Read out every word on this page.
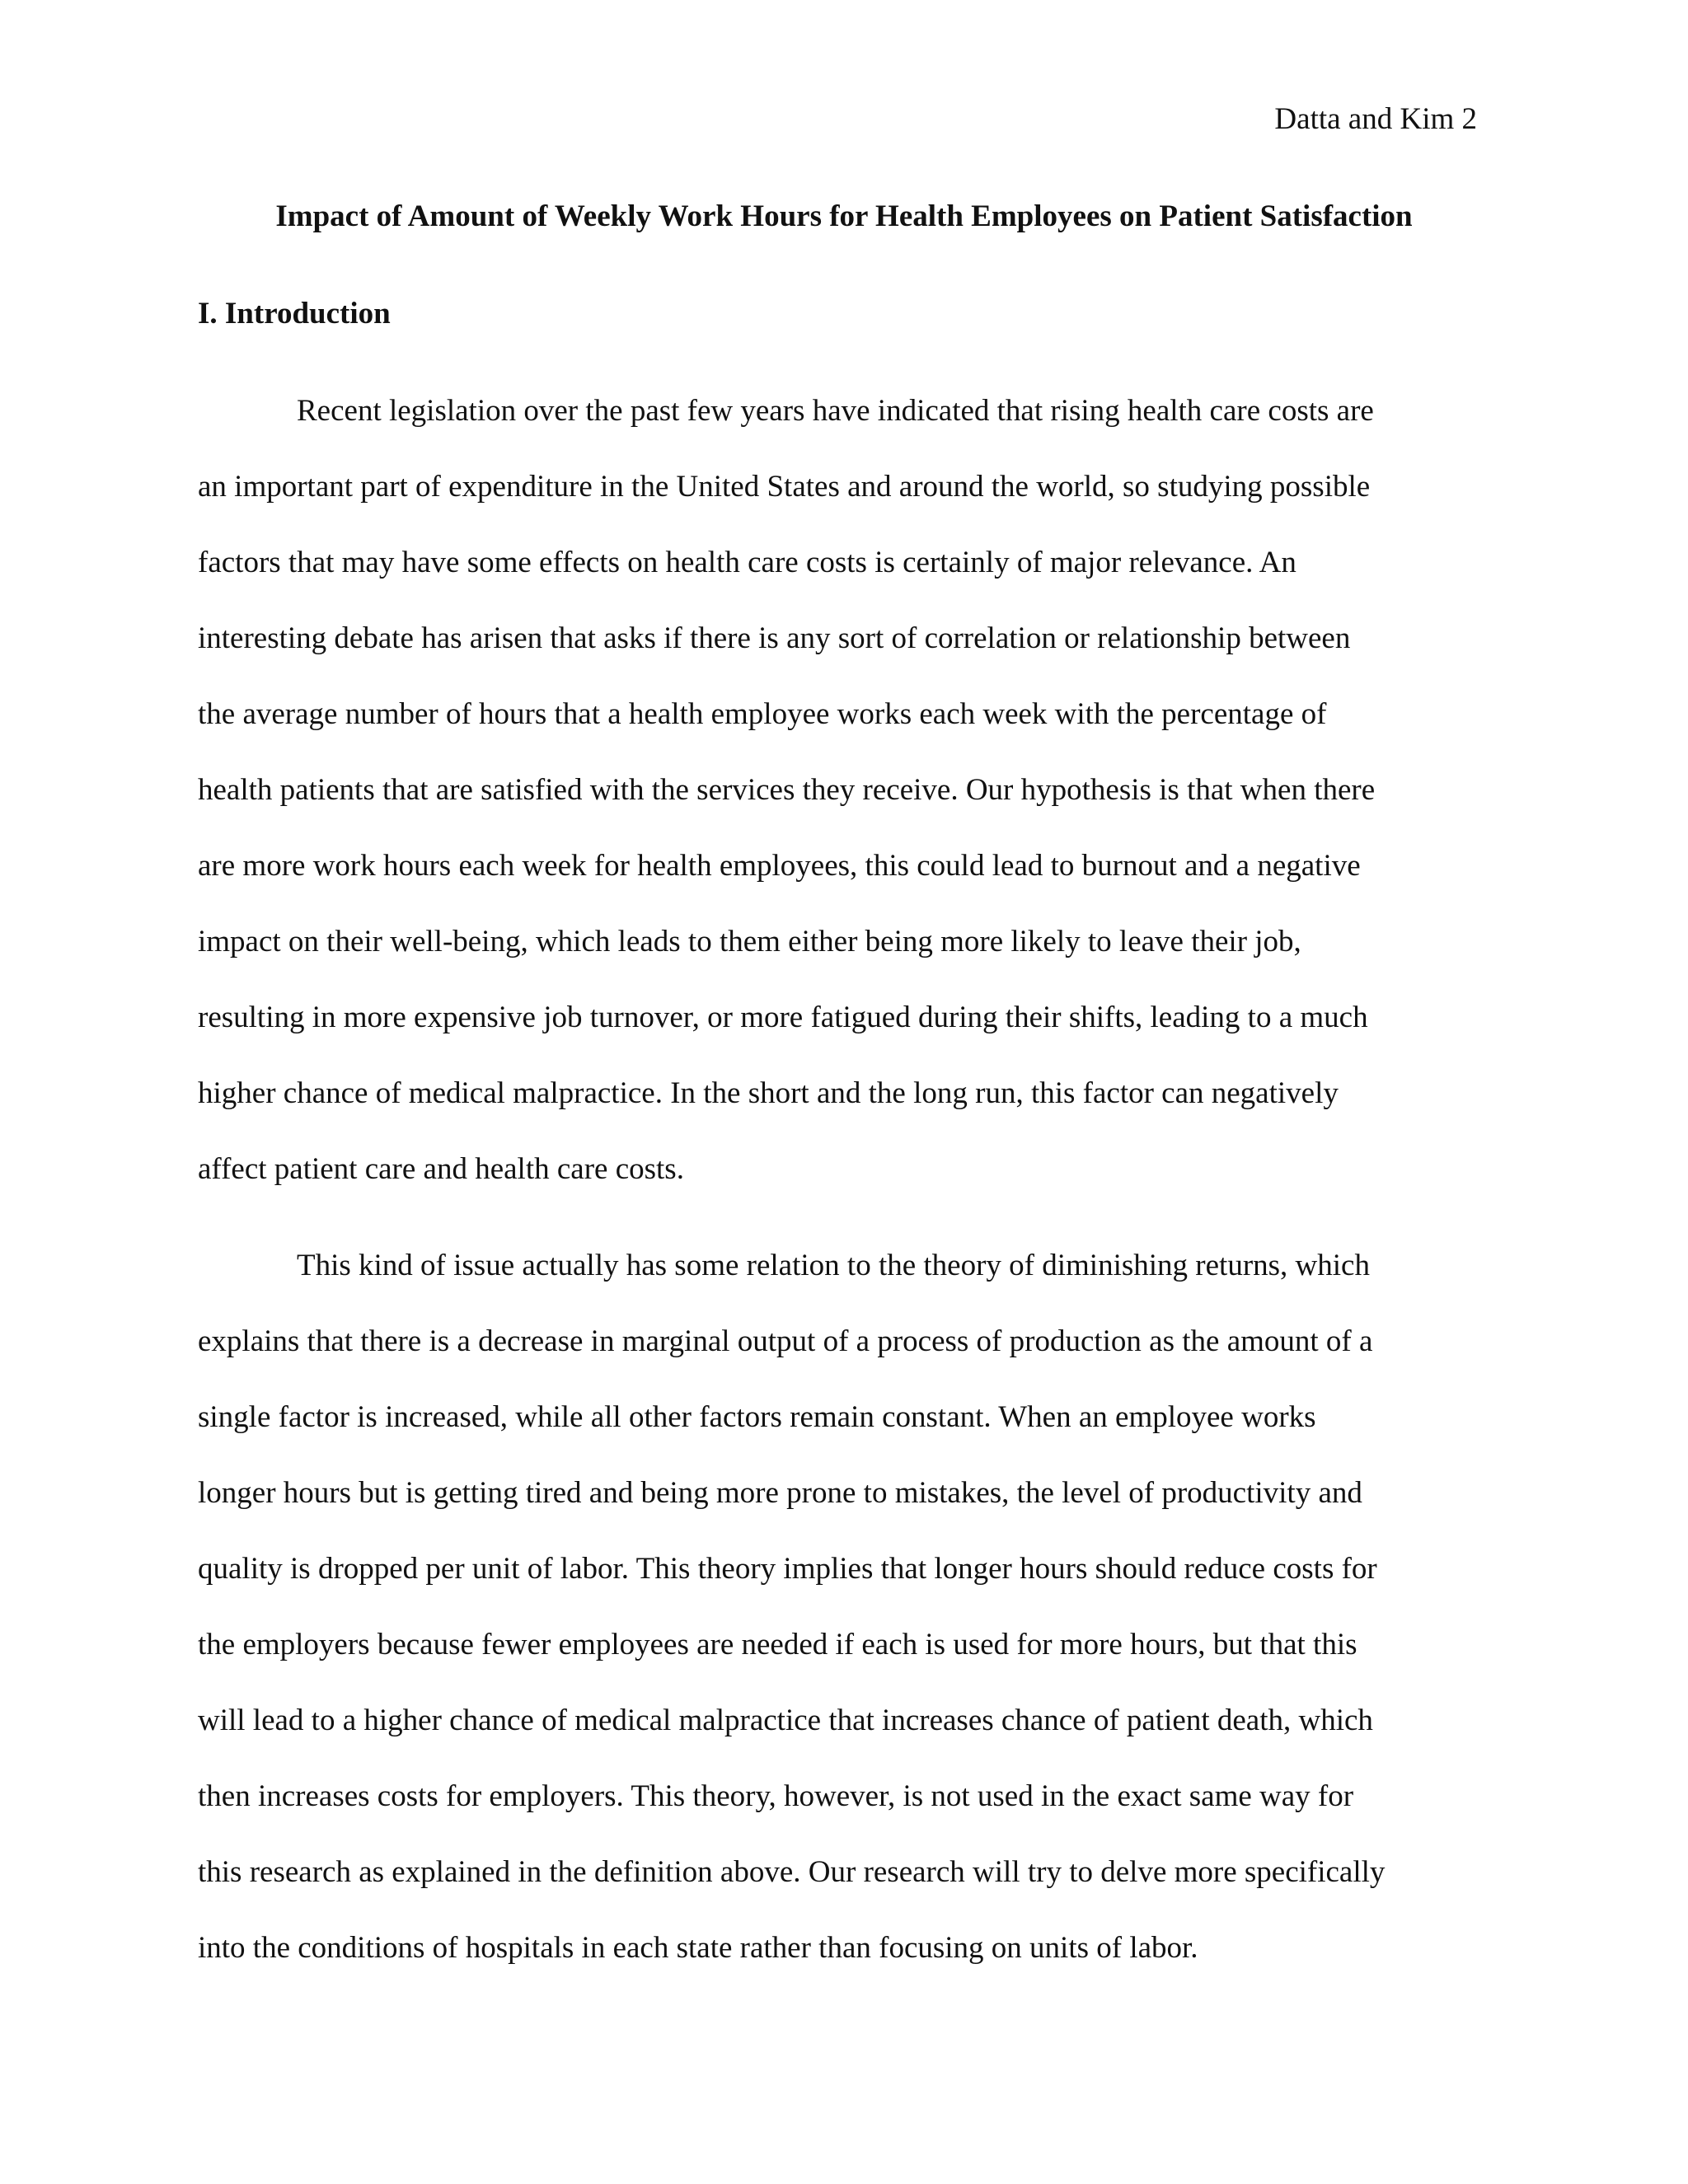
Datta and Kim 2
Impact of Amount of Weekly Work Hours for Health Employees on Patient Satisfaction
I. Introduction
Recent legislation over the past few years have indicated that rising health care costs are
an important part of expenditure in the United States and around the world, so studying possible
factors that may have some effects on health care costs is certainly of major relevance. An
interesting debate has arisen that asks if there is any sort of correlation or relationship between
the average number of hours that a health employee works each week with the percentage of
health patients that are satisfied with the services they receive. Our hypothesis is that when there
are more work hours each week for health employees, this could lead to burnout and a negative
impact on their well-being, which leads to them either being more likely to leave their job,
resulting in more expensive job turnover, or more fatigued during their shifts, leading to a much
higher chance of medical malpractice. In the short and the long run, this factor can negatively
affect patient care and health care costs.
This kind of issue actually has some relation to the theory of diminishing returns, which
explains that there is a decrease in marginal output of a process of production as the amount of a
single factor is increased, while all other factors remain constant. When an employee works
longer hours but is getting tired and being more prone to mistakes, the level of productivity and
quality is dropped per unit of labor. This theory implies that longer hours should reduce costs for
the employers because fewer employees are needed if each is used for more hours, but that this
will lead to a higher chance of medical malpractice that increases chance of patient death, which
then increases costs for employers. This theory, however, is not used in the exact same way for
this research as explained in the definition above. Our research will try to delve more specifically
into the conditions of hospitals in each state rather than focusing on units of labor.
